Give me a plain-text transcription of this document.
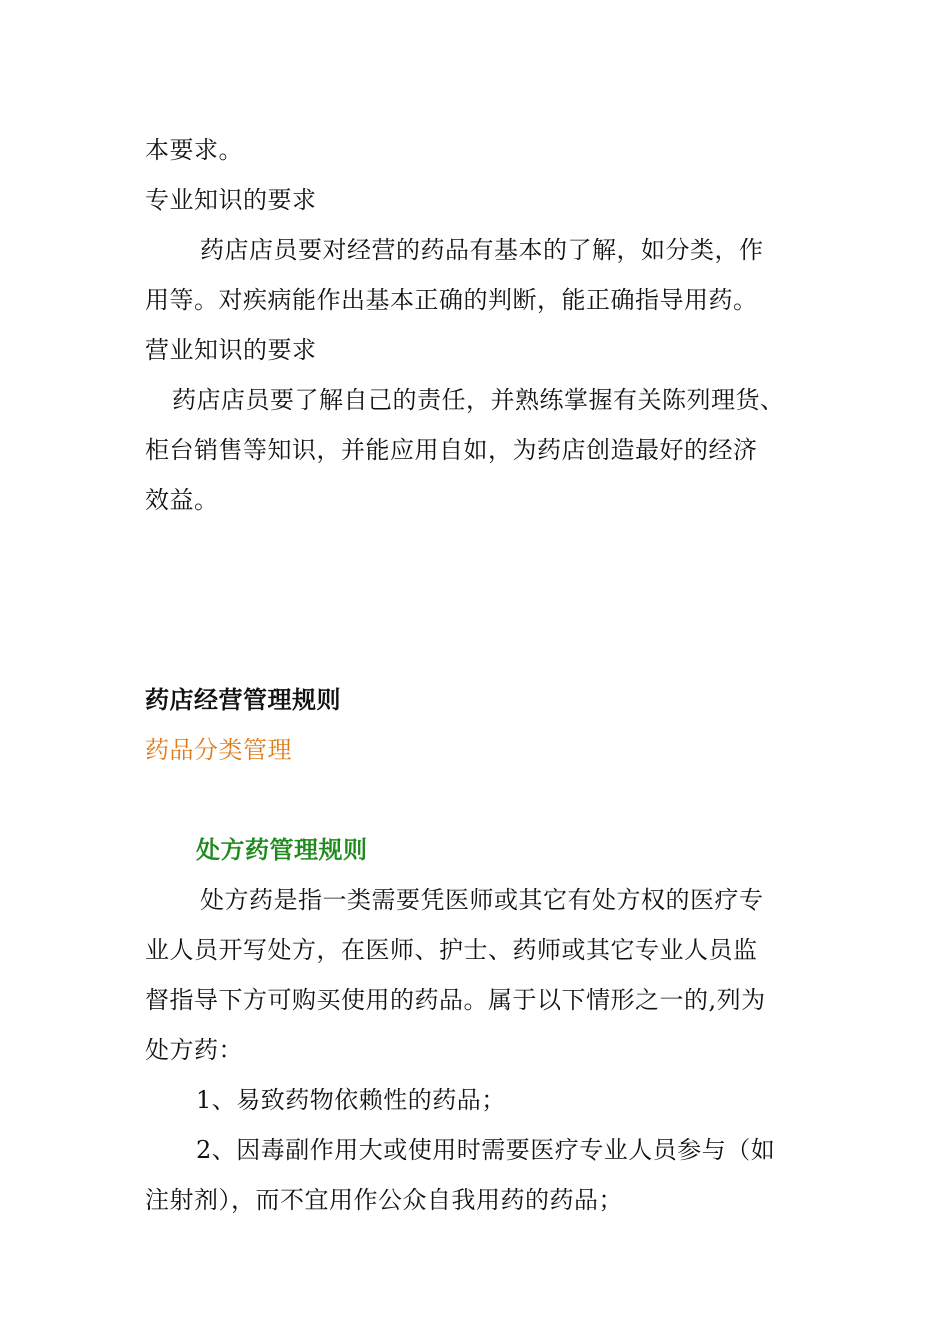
本要求。
专业知识的要求
药店店员要对经营的药品有基本的了解，如分类，作
用等。对疾病能作出基本正确的判断，能正确指导用药。
营业知识的要求
药店店员要了解自己的责任，并熟练掌握有关陈列理货、
柜台销售等知识，并能应用自如，为药店创造最好的经济
效益。
药店经营管理规则
药品分类管理
处方药管理规则
处方药是指一类需要凭医师或其它有处方权的医疗专
业人员开写处方，在医师、护士、药师或其它专业人员监
督指导下方可购买使用的药品。属于以下情形之一的,列为
处方药：
1、易致药物依赖性的药品；
2、因毒副作用大或使用时需要医疗专业人员参与（如
注射剂），而不宜用作公众自我用药的药品；
